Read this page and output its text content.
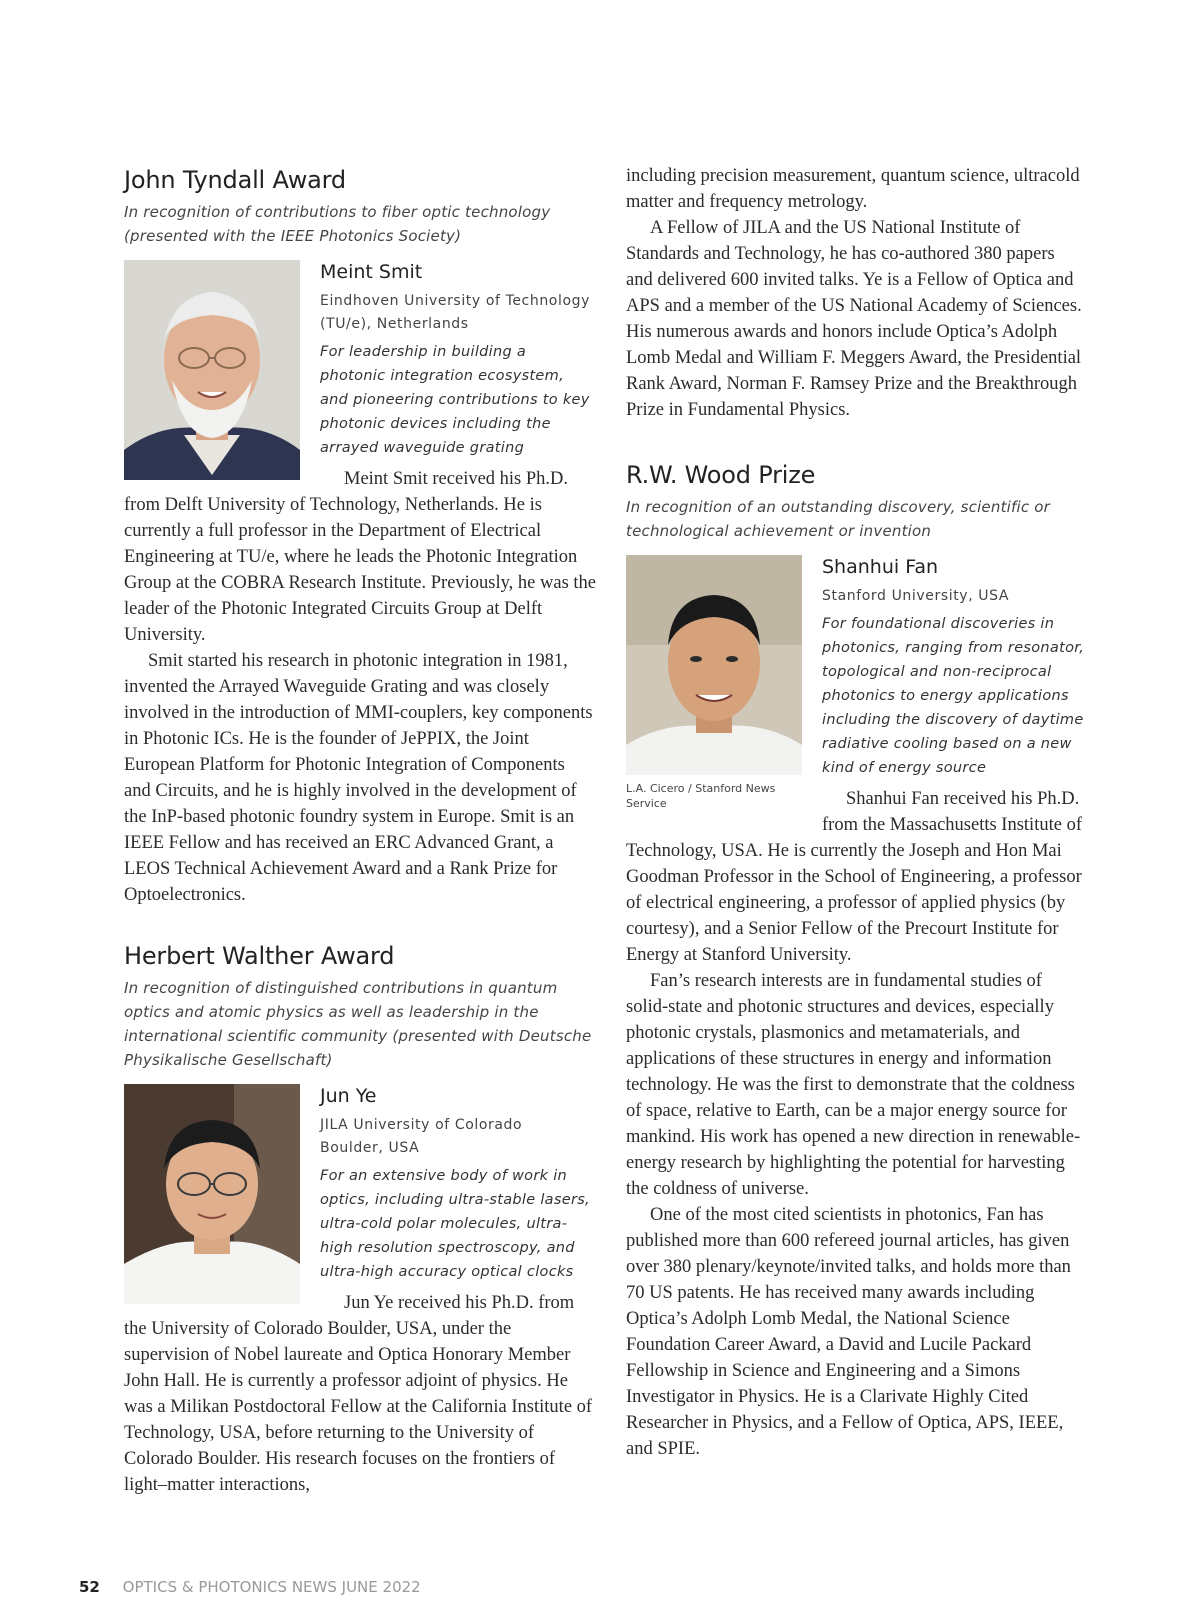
John Tyndall Award

In recognition of contributions to fiber optic technology (presented with the IEEE Photonics Society)

Meint Smit
Eindhoven University of Technology
(TU/e), Netherlands
For leadership in building a photonic integration ecosystem, and pioneering contributions to key photonic devices including the arrayed waveguide grating

Meint Smit received his Ph.D. from Delft University of Technology, Netherlands. He is currently a full professor in the Department of Electrical Engineering at TU/e, where he leads the Photonic Integration Group at the COBRA Research Institute. Previously, he was the leader of the Photonic Integrated Circuits Group at Delft University.

Smit started his research in photonic integration in 1981, invented the Arrayed Waveguide Grating and was closely involved in the introduction of MMI-couplers, key components in Photonic ICs. He is the founder of JePPIX, the Joint European Platform for Photonic Integration of Components and Circuits, and he is highly involved in the development of the InP-based photonic foundry system in Europe. Smit is an IEEE Fellow and has received an ERC Advanced Grant, a LEOS Technical Achievement Award and a Rank Prize for Optoelectronics.

Herbert Walther Award

In recognition of distinguished contributions in quantum optics and atomic physics as well as leadership in the international scientific community (presented with Deutsche Physikalische Gesellschaft)

Jun Ye
JILA University of Colorado
Boulder, USA
For an extensive body of work in optics, including ultra-stable lasers, ultra-cold polar molecules, ultra-high resolution spectroscopy, and ultra-high accuracy optical clocks

Jun Ye received his Ph.D. from the University of Colorado Boulder, USA, under the supervision of Nobel laureate and Optica Honorary Member John Hall. He is currently a professor adjoint of physics. He was a Milikan Postdoctoral Fellow at the California Institute of Technology, USA, before returning to the University of Colorado Boulder. His research focuses on the frontiers of light–matter interactions,

including precision measurement, quantum science, ultracold matter and frequency metrology.

A Fellow of JILA and the US National Institute of Standards and Technology, he has co-authored 380 papers and delivered 600 invited talks. Ye is a Fellow of Optica and APS and a member of the US National Academy of Sciences. His numerous awards and honors include Optica’s Adolph Lomb Medal and William F. Meggers Award, the Presidential Rank Award, Norman F. Ramsey Prize and the Breakthrough Prize in Fundamental Physics.

R.W. Wood Prize

In recognition of an outstanding discovery, scientific or technological achievement or invention

L.A. Cicero / Stanford News Service
Shanhui Fan
Stanford University, USA
For foundational discoveries in photonics, ranging from resonator, topological and non-reciprocal photonics to energy applications including the discovery of daytime radiative cooling based on a new kind of energy source

Shanhui Fan received his Ph.D. from the Massachusetts Institute of Technology, USA. He is currently the Joseph and Hon Mai Goodman Professor in the School of Engineering, a professor of electrical engineering, a professor of applied physics (by courtesy), and a Senior Fellow of the Precourt Institute for Energy at Stanford University.

Fan’s research interests are in fundamental studies of solid-state and photonic structures and devices, especially photonic crystals, plasmonics and metamaterials, and applications of these structures in energy and information technology. He was the first to demonstrate that the coldness of space, relative to Earth, can be a major energy source for mankind. His work has opened a new direction in renewable-energy research by highlighting the potential for harvesting the coldness of universe.

One of the most cited scientists in photonics, Fan has published more than 600 refereed journal articles, has given over 380 plenary/keynote/invited talks, and holds more than 70 US patents. He has received many awards including Optica’s Adolph Lomb Medal, the National Science Foundation Career Award, a David and Lucile Packard Fellowship in Science and Engineering and a Simons Investigator in Physics. He is a Clarivate Highly Cited Researcher in Physics, and a Fellow of Optica, APS, IEEE, and SPIE.

52 OPTICS & PHOTONICS NEWS JUNE 2022
